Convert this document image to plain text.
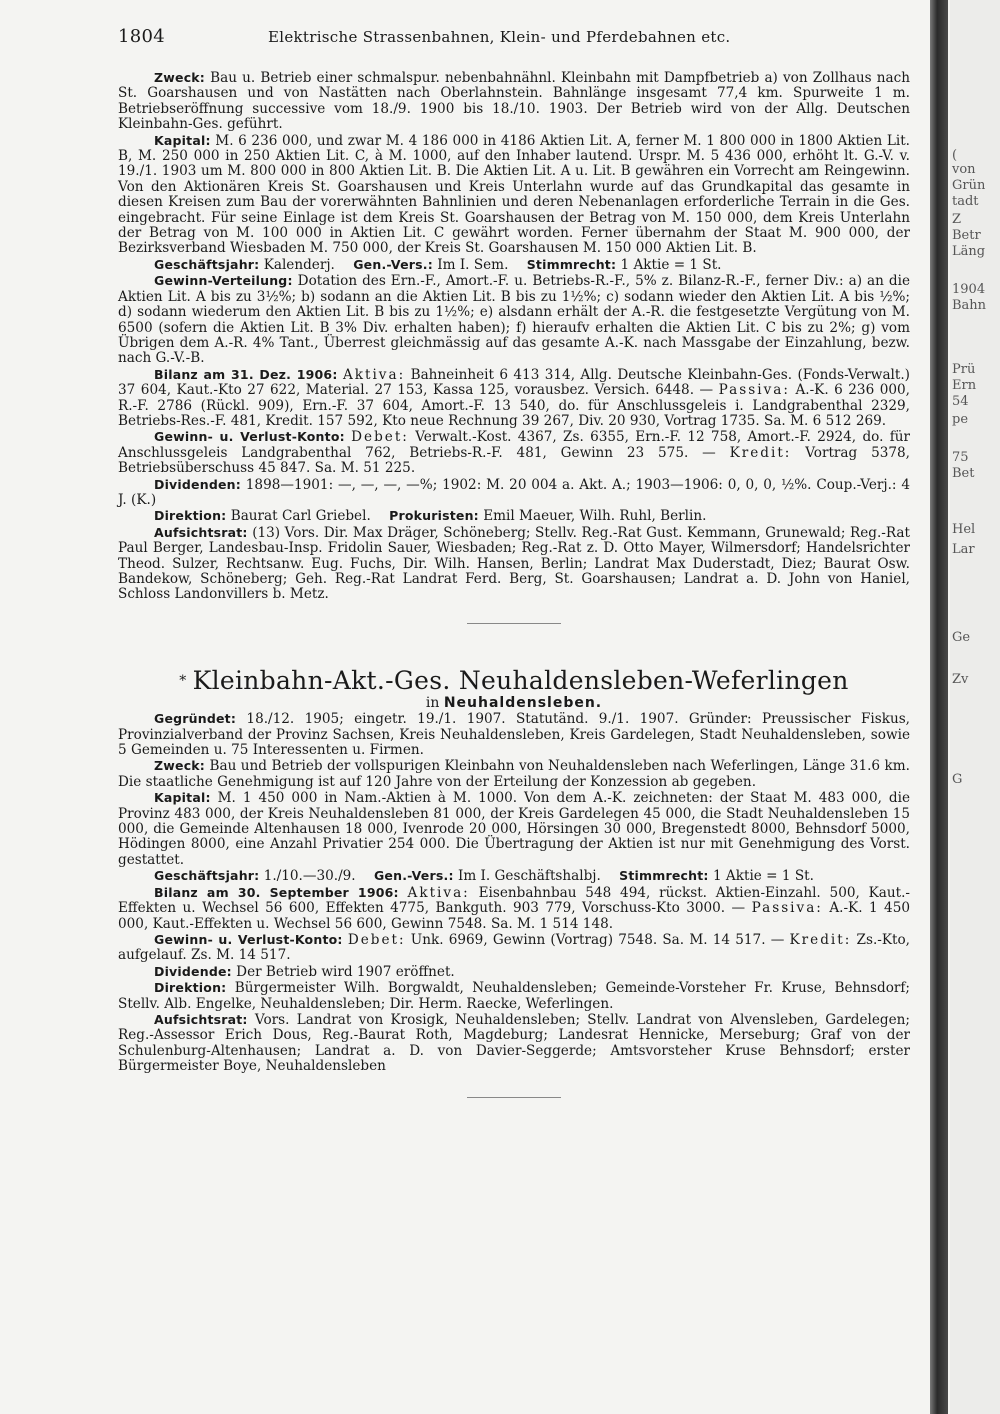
(
von
Grün
tadt
Z
Betr
Läng
1904
Bahn
Prü
Ern
54
pe
75
Bet
Hel
Lar
Ge
Zv
G
1804	Elektrische Strassenbahnen, Klein- und Pferdebahnen etc.

Zweck: Bau u. Betrieb einer schmalspur. nebenbahnähnl. Kleinbahn mit Dampfbetrieb a) von Zollhaus nach St. Goarshausen und von Nastätten nach Oberlahnstein. Bahnlänge insgesamt 77,4 km. Spurweite 1 m. Betriebseröffnung successive vom 18./9. 1900 bis 18./10. 1903. Der Betrieb wird von der Allg. Deutschen Kleinbahn-Ges. geführt.

Kapital: M. 6 236 000, und zwar M. 4 186 000 in 4186 Aktien Lit. A, ferner M. 1 800 000 in 1800 Aktien Lit. B, M. 250 000 in 250 Aktien Lit. C, à M. 1000, auf den Inhaber lautend. Urspr. M. 5 436 000, erhöht lt. G.-V. v. 19./1. 1903 um M. 800 000 in 800 Aktien Lit. B. Die Aktien Lit. A u. Lit. B gewähren ein Vorrecht am Reingewinn. Von den Aktionären Kreis St. Goarshausen und Kreis Unterlahn wurde auf das Grundkapital das gesamte in diesen Kreisen zum Bau der vorerwähnten Bahnlinien und deren Nebenanlagen erforderliche Terrain in die Ges. eingebracht. Für seine Einlage ist dem Kreis St. Goarshausen der Betrag von M. 150 000, dem Kreis Unterlahn der Betrag von M. 100 000 in Aktien Lit. C gewährt worden. Ferner übernahm der Staat M. 900 000, der Bezirksverband Wiesbaden M. 750 000, der Kreis St. Goarshausen M. 150 000 Aktien Lit. B.

Geschäftsjahr: Kalenderj. Gen.-Vers.: Im I. Sem. Stimmrecht: 1 Aktie = 1 St.

Gewinn-Verteilung: Dotation des Ern.-F., Amort.-F. u. Betriebs-R.-F., 5% z. Bilanz-R.-F., ferner Div.: a) an die Aktien Lit. A bis zu 3½%; b) sodann an die Aktien Lit. B bis zu 1½%; c) sodann wieder den Aktien Lit. A bis ½%; d) sodann wiederum den Aktien Lit. B bis zu 1½%; e) alsdann erhält der A.-R. die festgesetzte Vergütung von M. 6500 (sofern die Aktien Lit. B 3% Div. erhalten haben); f) hieraufv erhalten die Aktien Lit. C bis zu 2%; g) vom Übrigen dem A.-R. 4% Tant., Überrest gleichmässig auf das gesamte A.-K. nach Massgabe der Einzahlung, bezw. nach G.-V.-B.

Bilanz am 31. Dez. 1906: Aktiva: Bahneinheit 6 413 314, Allg. Deutsche Kleinbahn-Ges. (Fonds-Verwalt.) 37 604, Kaut.-Kto 27 622, Material. 27 153, Kassa 125, vorausbez. Versich. 6448. — Passiva: A.-K. 6 236 000, R.-F. 2786 (Rückl. 909), Ern.-F. 37 604, Amort.-F. 13 540, do. für Anschlussgeleis i. Landgrabenthal 2329, Betriebs-Res.-F. 481, Kredit. 157 592, Kto neue Rechnung 39 267, Div. 20 930, Vortrag 1735. Sa. M. 6 512 269.

Gewinn- u. Verlust-Konto: Debet: Verwalt.-Kost. 4367, Zs. 6355, Ern.-F. 12 758, Amort.-F. 2924, do. für Anschlussgeleis Landgrabenthal 762, Betriebs-R.-F. 481, Gewinn 23 575. — Kredit: Vortrag 5378, Betriebsüberschuss 45 847. Sa. M. 51 225.

Dividenden: 1898—1901: —, —, —, —%; 1902: M. 20 004 a. Akt. A.; 1903—1906: 0, 0, 0, ½%. Coup.-Verj.: 4 J. (K.)

Direktion: Baurat Carl Griebel. Prokuristen: Emil Maeuer, Wilh. Ruhl, Berlin.

Aufsichtsrat: (13) Vors. Dir. Max Dräger, Schöneberg; Stellv. Reg.-Rat Gust. Kemmann, Grunewald; Reg.-Rat Paul Berger, Landesbau-Insp. Fridolin Sauer, Wiesbaden; Reg.-Rat z. D. Otto Mayer, Wilmersdorf; Handelsrichter Theod. Sulzer, Rechtsanw. Eug. Fuchs, Dir. Wilh. Hansen, Berlin; Landrat Max Duderstadt, Diez; Baurat Osw. Bandekow, Schöneberg; Geh. Reg.-Rat Landrat Ferd. Berg, St. Goarshausen; Landrat a. D. John von Haniel, Schloss Landonvillers b. Metz.

* Kleinbahn-Akt.-Ges. Neuhaldensleben-Weferlingen

in Neuhaldensleben.

Gegründet: 18./12. 1905; eingetr. 19./1. 1907. Statutänd. 9./1. 1907. Gründer: Preussischer Fiskus, Provinzialverband der Provinz Sachsen, Kreis Neuhaldensleben, Kreis Gardelegen, Stadt Neuhaldensleben, sowie 5 Gemeinden u. 75 Interessenten u. Firmen.

Zweck: Bau und Betrieb der vollspurigen Kleinbahn von Neuhaldensleben nach Weferlingen, Länge 31.6 km. Die staatliche Genehmigung ist auf 120 Jahre von der Erteilung der Konzession ab gegeben.

Kapital: M. 1 450 000 in Nam.-Aktien à M. 1000. Von dem A.-K. zeichneten: der Staat M. 483 000, die Provinz 483 000, der Kreis Neuhaldensleben 81 000, der Kreis Gardelegen 45 000, die Stadt Neuhaldensleben 15 000, die Gemeinde Altenhausen 18 000, Ivenrode 20 000, Hörsingen 30 000, Bregenstedt 8000, Behnsdorf 5000, Hödingen 8000, eine Anzahl Privatier 254 000. Die Übertragung der Aktien ist nur mit Genehmigung des Vorst. gestattet.

Geschäftsjahr: 1./10.—30./9. Gen.-Vers.: Im I. Geschäftshalbj. Stimmrecht: 1 Aktie = 1 St.

Bilanz am 30. September 1906: Aktiva: Eisenbahnbau 548 494, rückst. Aktien-Einzahl. 500, Kaut.-Effekten u. Wechsel 56 600, Effekten 4775, Bankguth. 903 779, Vorschuss-Kto 3000. — Passiva: A.-K. 1 450 000, Kaut.-Effekten u. Wechsel 56 600, Gewinn 7548. Sa. M. 1 514 148.

Gewinn- u. Verlust-Konto: Debet: Unk. 6969, Gewinn (Vortrag) 7548. Sa. M. 14 517. — Kredit: Zs.-Kto, aufgelauf. Zs. M. 14 517.

Dividende: Der Betrieb wird 1907 eröffnet.

Direktion: Bürgermeister Wilh. Borgwaldt, Neuhaldensleben; Gemeinde-Vorsteher Fr. Kruse, Behnsdorf; Stellv. Alb. Engelke, Neuhaldensleben; Dir. Herm. Raecke, Weferlingen.

Aufsichtsrat: Vors. Landrat von Krosigk, Neuhaldensleben; Stellv. Landrat von Alvensleben, Gardelegen; Reg.-Assessor Erich Dous, Reg.-Baurat Roth, Magdeburg; Landesrat Hennicke, Merseburg; Graf von der Schulenburg-Altenhausen; Landrat a. D. von Davier-Seggerde; Amtsvorsteher Kruse Behnsdorf; erster Bürgermeister Boye, Neuhaldensleben
